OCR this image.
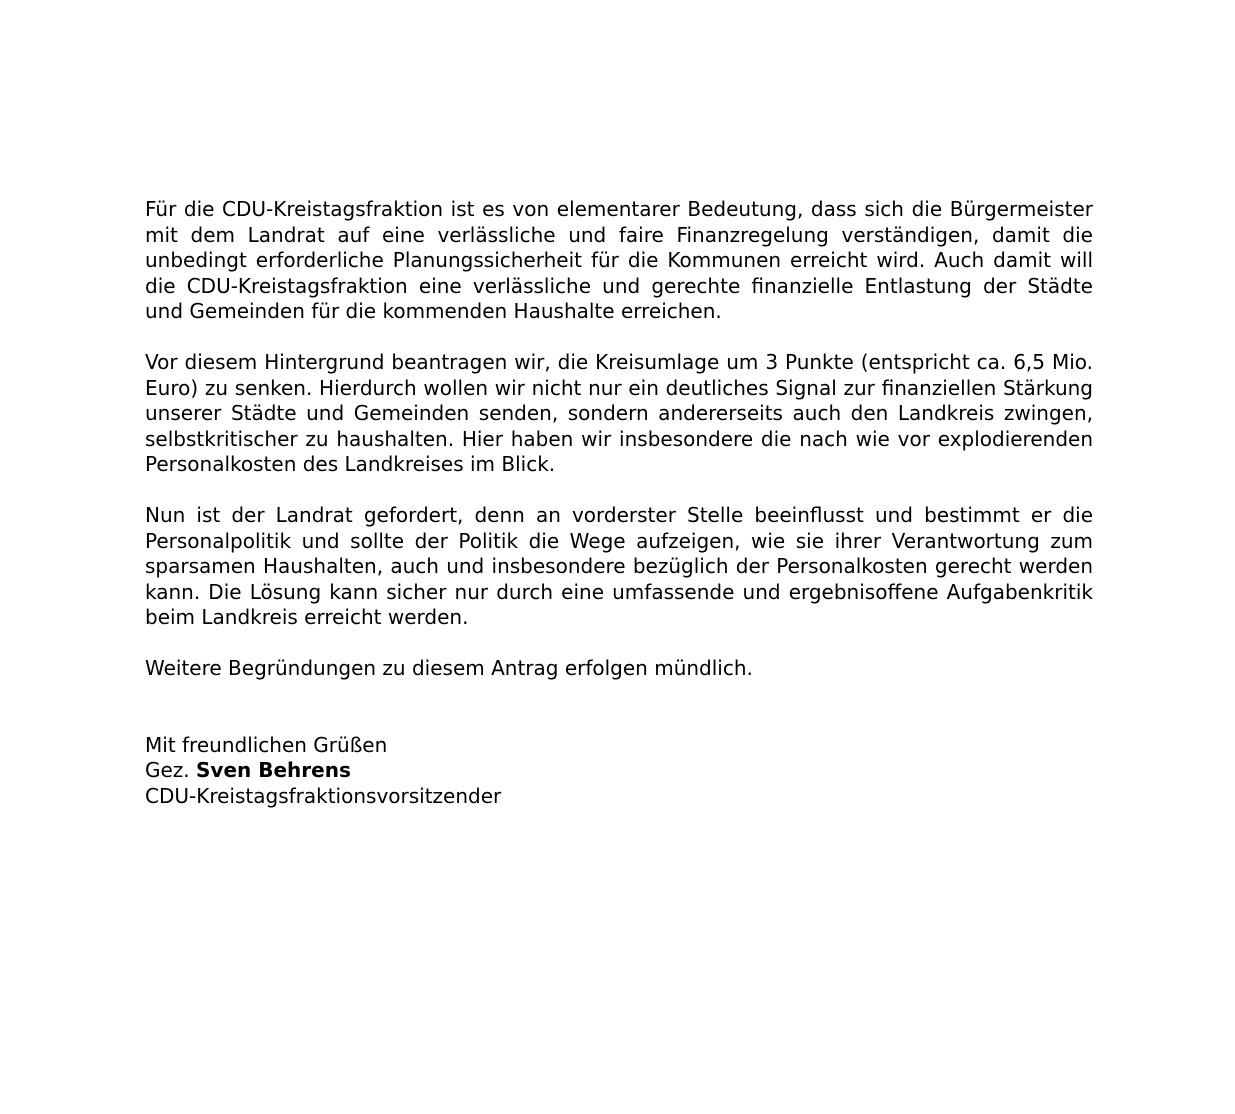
Für die CDU-Kreistagsfraktion ist es von elementarer Bedeutung, dass sich die Bürgermeister mit dem Landrat auf eine verlässliche und faire Finanzregelung verständigen, damit die unbedingt erforderliche Planungssicherheit für die Kommunen erreicht wird. Auch damit will die CDU-Kreistagsfraktion eine verlässliche und gerechte finanzielle Entlastung der Städte und Gemeinden für die kommenden Haushalte erreichen.

Vor diesem Hintergrund beantragen wir, die Kreisumlage um 3 Punkte (entspricht ca. 6,5 Mio. Euro) zu senken. Hierdurch wollen wir nicht nur ein deutliches Signal zur finanziellen Stärkung unserer Städte und Gemeinden senden, sondern andererseits auch den Landkreis zwingen, selbstkritischer zu haushalten. Hier haben wir insbesondere die nach wie vor explodierenden Personalkosten des Landkreises im Blick.

Nun ist der Landrat gefordert, denn an vorderster Stelle beeinflusst und bestimmt er die Personalpolitik und sollte der Politik die Wege aufzeigen, wie sie ihrer Verantwortung zum sparsamen Haushalten, auch und insbesondere bezüglich der Personalkosten gerecht werden kann. Die Lösung kann sicher nur durch eine umfassende und ergebnisoffene Aufgabenkritik beim Landkreis erreicht werden.

Weitere Begründungen zu diesem Antrag erfolgen mündlich.

Mit freundlichen Grüßen

Gez. Sven Behrens

CDU-Kreistagsfraktionsvorsitzender
